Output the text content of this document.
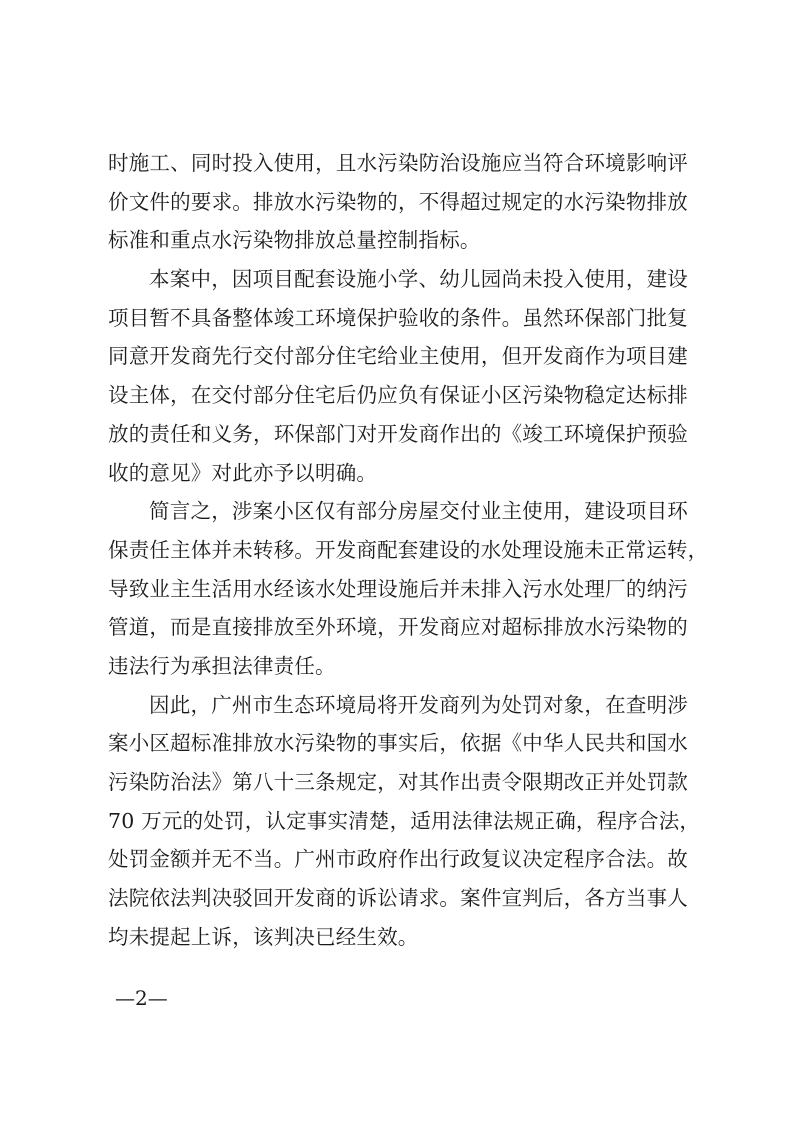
时施工、同时投入使用，且水污染防治设施应当符合环境影响评
价文件的要求。排放水污染物的，不得超过规定的水污染物排放
标准和重点水污染物排放总量控制指标。
本案中，因项目配套设施小学、幼儿园尚未投入使用，建设
项目暂不具备整体竣工环境保护验收的条件。虽然环保部门批复
同意开发商先行交付部分住宅给业主使用，但开发商作为项目建
设主体，在交付部分住宅后仍应负有保证小区污染物稳定达标排
放的责任和义务，环保部门对开发商作出的《竣工环境保护预验
收的意见》对此亦予以明确。
简言之，涉案小区仅有部分房屋交付业主使用，建设项目环
保责任主体并未转移。开发商配套建设的水处理设施未正常运转，
导致业主生活用水经该水处理设施后并未排入污水处理厂的纳污
管道，而是直接排放至外环境，开发商应对超标排放水污染物的
违法行为承担法律责任。
因此，广州市生态环境局将开发商列为处罚对象，在查明涉
案小区超标准排放水污染物的事实后，依据《中华人民共和国水
污染防治法》第八十三条规定，对其作出责令限期改正并处罚款
70 万元的处罚，认定事实清楚，适用法律法规正确，程序合法，
处罚金额并无不当。广州市政府作出行政复议决定程序合法。故
法院依法判决驳回开发商的诉讼请求。案件宣判后，各方当事人
均未提起上诉，该判决已经生效。
—2—
